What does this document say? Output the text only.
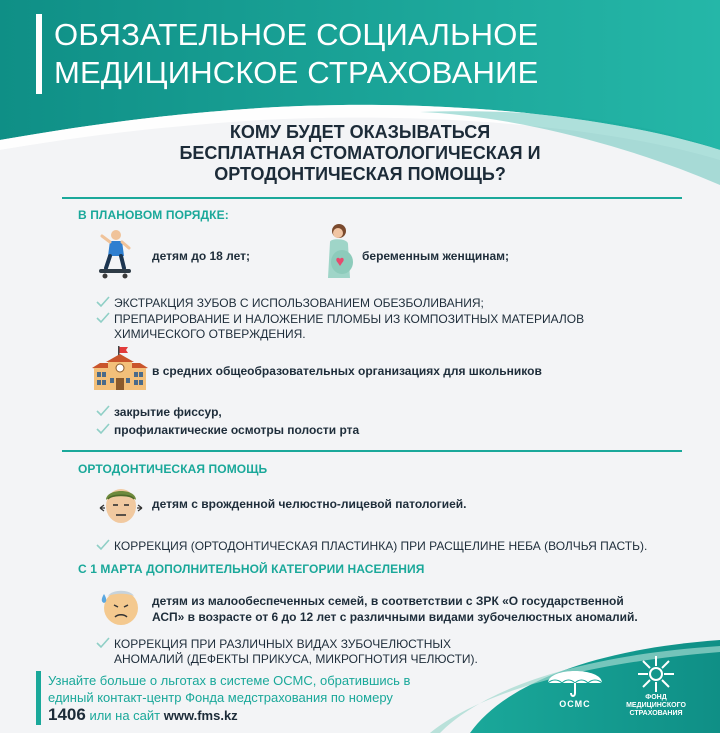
ОБЯЗАТЕЛЬНОЕ СОЦИАЛЬНОЕ
МЕДИЦИНСКОЕ СТРАХОВАНИЕ
КОМУ БУДЕТ ОКАЗЫВАТЬСЯ
БЕСПЛАТНАЯ СТОМАТОЛОГИЧЕСКАЯ И
ОРТОДОНТИЧЕСКАЯ ПОМОЩЬ?
В ПЛАНОВОМ ПОРЯДКЕ:
детям до 18 лет;	беременным женщинам;
ЭКСТРАКЦИЯ ЗУБОВ С ИСПОЛЬЗОВАНИЕМ ОБЕЗБОЛИВАНИЯ;
ПРЕПАРИРОВАНИЕ И НАЛОЖЕНИЕ ПЛОМБЫ ИЗ КОМПОЗИТНЫХ МАТЕРИАЛОВ
ХИМИЧЕСКОГО ОТВЕРЖДЕНИЯ.
в средних общеобразовательных организациях для школьников
закрытие фиссур,
профилактические осмотры полости рта
ОРТОДОНТИЧЕСКАЯ ПОМОЩЬ
детям с врожденной челюстно-лицевой патологией.
КОРРЕКЦИЯ (ОРТОДОНТИЧЕСКАЯ ПЛАСТИНКА) ПРИ РАСЩЕЛИНЕ НЕБА (ВОЛЧЬЯ ПАСТЬ).
С 1 МАРТА ДОПОЛНИТЕЛЬНОЙ КАТЕГОРИИ НАСЕЛЕНИЯ
детям из малообеспеченных семей, в соответствии с ЗРК «О государственной
АСП» в возрасте от 6 до 12 лет с различными видами зубочелюстных аномалий.
КОРРЕКЦИЯ ПРИ РАЗЛИЧНЫХ ВИДАХ ЗУБОЧЕЛЮСТНЫХ
АНОМАЛИЙ (ДЕФЕКТЫ ПРИКУСА, МИКРОГНОТИЯ ЧЕЛЮСТИ).
Узнайте больше о льготах в системе ОСМС, обратившись в
единый контакт-центр Фонда медстрахования по номеру
1406 или на сайт www.fms.kz
ОСМС
ФОНД
МЕДИЦИНСКОГО
СТРАХОВАНИЯ
